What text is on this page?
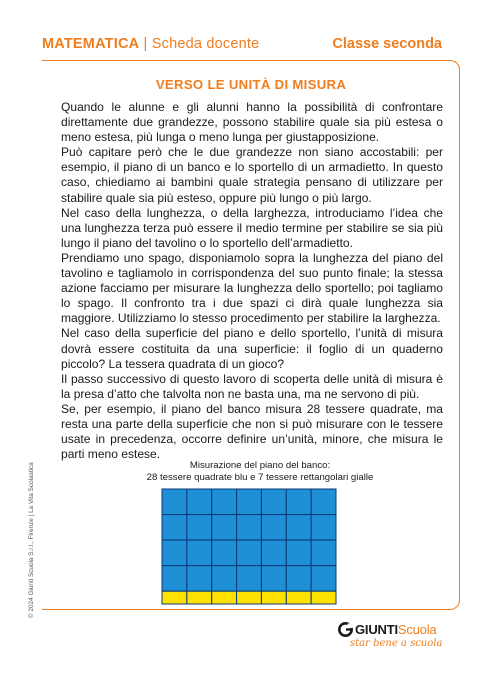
MATEMATICA | Scheda docente	Classe seconda
VERSO LE UNITÀ DI MISURA

Quando le alunne e gli alunni hanno la possibilità di confrontare direttamente due grandezze, possono stabilire quale sia più estesa o meno estesa, più lunga o meno lunga per giustapposizione.

Può capitare però che le due grandezze non siano accostabili: per esempio, il piano di un banco e lo sportello di un armadietto. In questo caso, chiediamo ai bambini quale strategia pensano di utilizzare per stabilire quale sia più esteso, oppure più lungo o più largo.

Nel caso della lunghezza, o della larghezza, introduciamo l’idea che una lunghezza terza può essere il medio termine per stabilire se sia più lungo il piano del tavolino o lo sportello dell’armadietto.

Prendiamo uno spago, disponiamolo sopra la lunghezza del piano del tavolino e tagliamolo in corrispondenza del suo punto finale; la stessa azione facciamo per misurare la lunghezza dello sportello; poi tagliamo lo spago. Il confronto tra i due spazi ci dirà quale lunghezza sia maggiore. Utilizziamo lo stesso procedimento per stabilire la larghezza.

Nel caso della superficie del piano e dello sportello, l’unità di misura dovrà essere costituita da una superficie: il foglio di un quaderno piccolo? La tessera quadrata di un gioco?

Il passo successivo di questo lavoro di scoperta delle unità di misura è la presa d’atto che talvolta non ne basta una, ma ne servono di più.

Se, per esempio, il piano del banco misura 28 tessere quadrate, ma resta una parte della superficie che non si può misurare con le tessere usate in precedenza, occorre definire un’unità, minore, che misura le parti meno estese.

Misurazione del piano del banco:
28 tessere quadrate blu e 7 tessere rettangolari gialle
© 2024 Giunti Scuola S.r.l., Firenze | La Vita Scolastica
GIUNTI Scuola
star bene a scuola
